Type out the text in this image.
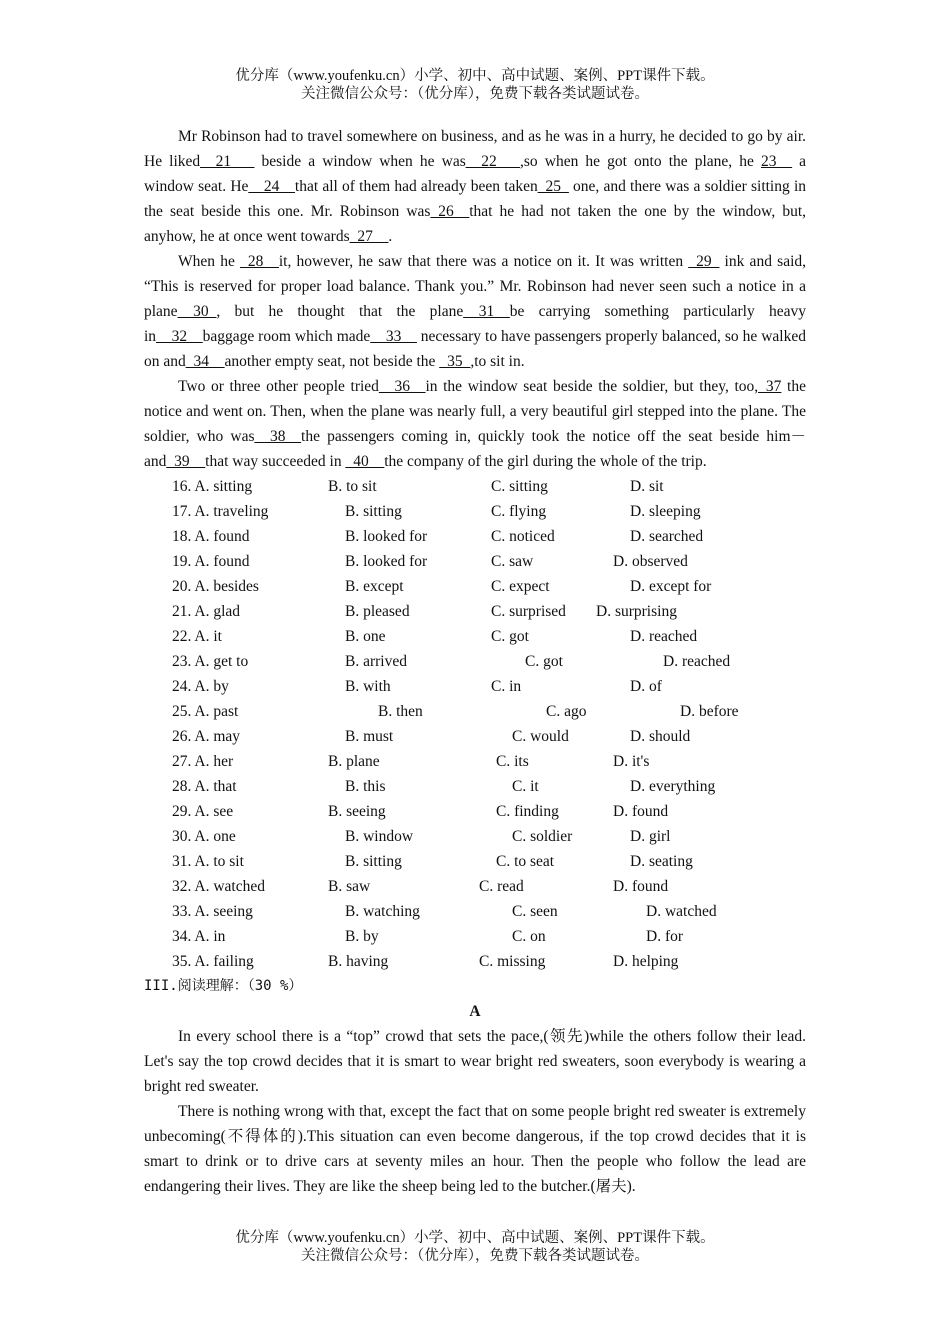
优分库（www.youfenku.cn）小学、初中、高中试题、案例、PPT课件下载。
关注微信公众号：（优分库），免费下载各类试题试卷。

Mr Robinson had to travel somewhere on business, and as he was in a hurry, he decided to go by air. He liked__21___ beside a window when he was__22___,so when he got onto the plane, he 23__ a window seat. He__24__that all of them had already been taken_25_ one, and there was a soldier sitting in the seat beside this one. Mr. Robinson was_26__that he had not taken the one by the window, but, anyhow, he at once went towards_27__.

When he _28__it, however, he saw that there was a notice on it. It was written _29_ ink and said, “This is reserved for proper load balance. Thank you.” Mr. Robinson had never seen such a notice in a plane__30_, but he thought that the plane__31__be carrying something particularly heavy in__32__baggage room which made__33__ necessary to have passengers properly balanced, so he walked on and_34__another empty seat, not beside the _35_,to sit in.

Two or three other people tried__36__in the window seat beside the soldier, but they, too,_37 the notice and went on. Then, when the plane was nearly full, a very beautiful girl stepped into the plane. The soldier, who was__38__the passengers coming in, quickly took the notice off the seat beside him－and_39__that way succeeded in _40__the company of the girl during the whole of the trip.

16. A. sitting	B. to sit	C. sitting	D. sit
17. A. traveling	B. sitting	C. flying	D. sleeping
18. A. found	B. looked for	C. noticed	D. searched
19. A. found	B. looked for	C. saw	D. observed
20. A. besides	B. except	C. expect	D. except for
21. A. glad	B. pleased	C. surprised D. surprising
22. A. it	B. one	C. got	D. reached
23. A. get to	B. arrived	C. got	D. reached
24. A. by	B. with	C. in	D. of
25. A. past	B. then	C. ago	D. before
26. A. may	B. must	C. would	D. should
27. A. her	B. plane	C. its	D. it's
28. A. that	B. this	C. it	D. everything
29. A. see	B. seeing	C. finding	D. found
30. A. one	B. window	C. soldier	D. girl
31. A. to sit	B. sitting	C. to seat	D. seating
32. A. watched	B. saw	C. read	D. found
33. A. seeing	B. watching	C. seen	D. watched
34. A. in	B. by	C. on	D. for
35. A. failing	B. having	C. missing	D. helping
III.阅读理解：（30 %）
A

In every school there is a “top” crowd that sets the pace,(领先)while the others follow their lead. Let's say the top crowd decides that it is smart to wear bright red sweaters, soon everybody is wearing a bright red sweater.

There is nothing wrong with that, except the fact that on some people bright red sweater is extremely unbecoming(不得体的).This situation can even become dangerous, if the top crowd decides that it is smart to drink or to drive cars at seventy miles an hour. Then the people who follow the lead are endangering their lives. They are like the sheep being led to the butcher.(屠夫).

优分库（www.youfenku.cn）小学、初中、高中试题、案例、PPT课件下载。
关注微信公众号：（优分库），免费下载各类试题试卷。
